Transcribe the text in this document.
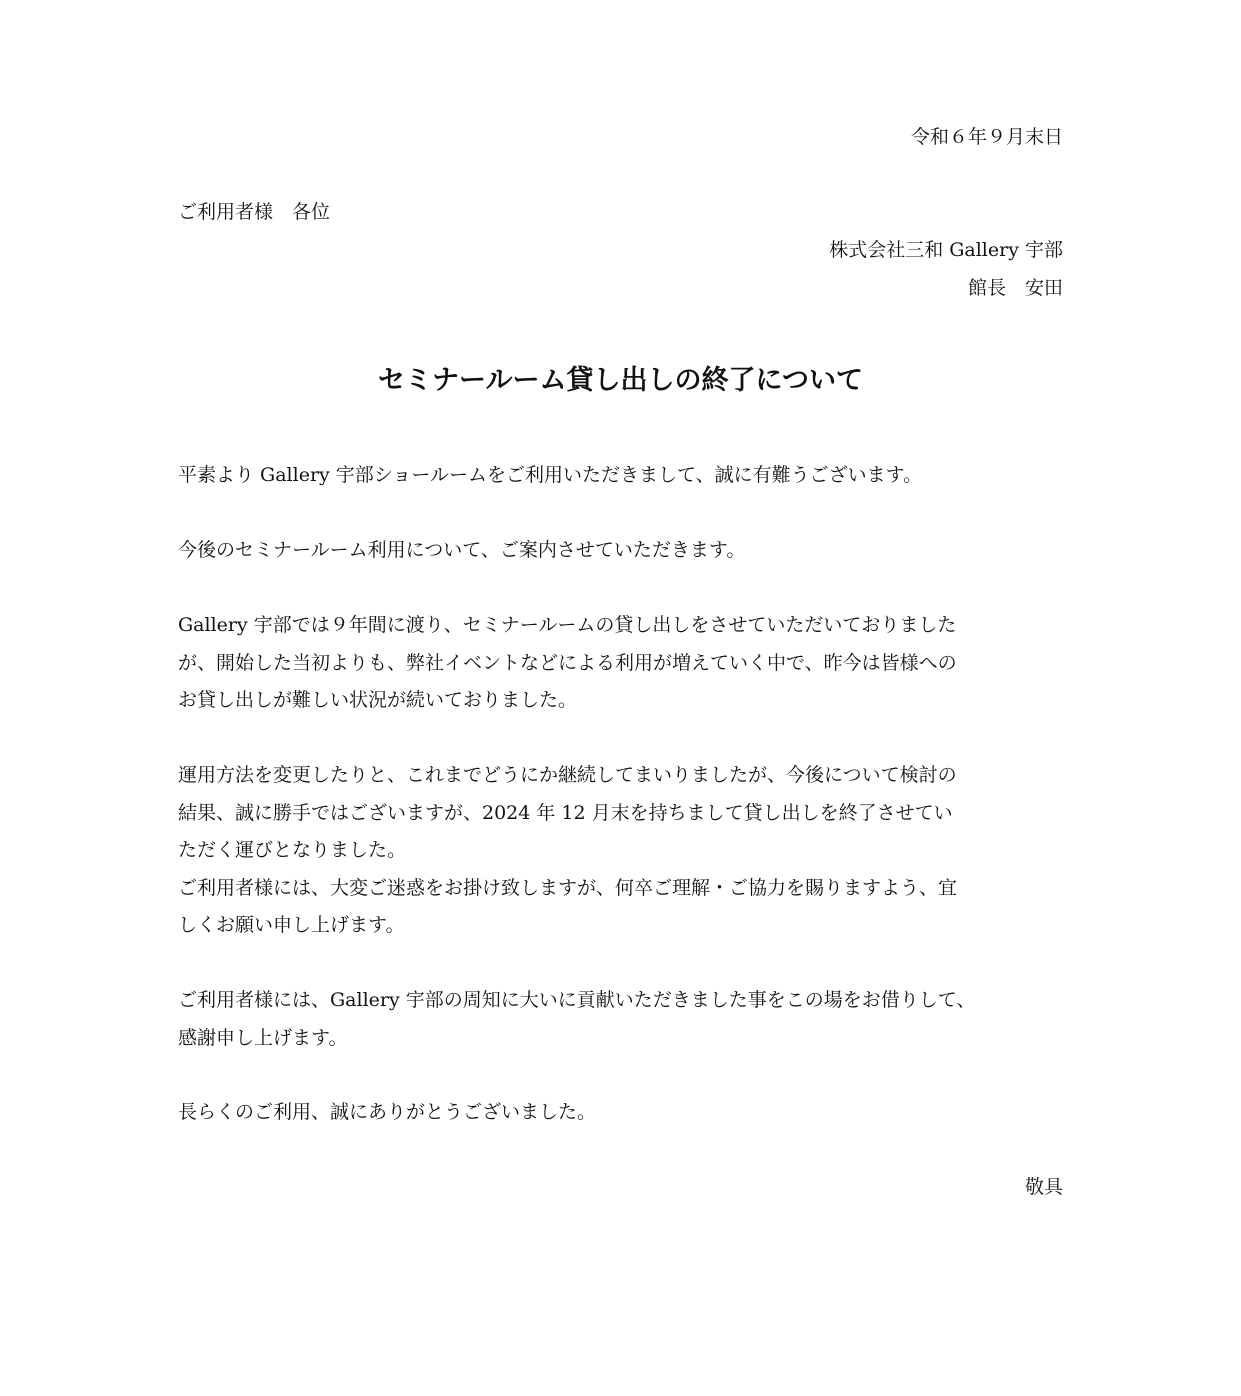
令和６年９月末日
ご利用者様　各位
株式会社三和 Gallery 宇部
館長　安田
セミナールーム貸し出しの終了について
平素より Gallery 宇部ショールームをご利用いただきまして、誠に有難うございます。
今後のセミナールーム利用について、ご案内させていただきます。
Gallery 宇部では９年間に渡り、セミナールームの貸し出しをさせていただいておりました
が、開始した当初よりも、弊社イベントなどによる利用が増えていく中で、昨今は皆様への
お貸し出しが難しい状況が続いておりました。
運用方法を変更したりと、これまでどうにか継続してまいりましたが、今後について検討の
結果、誠に勝手ではございますが、2024 年 12 月末を持ちまして貸し出しを終了させてい
ただく運びとなりました。
ご利用者様には、大変ご迷惑をお掛け致しますが、何卒ご理解・ご協力を賜りますよう、宜
しくお願い申し上げます。
ご利用者様には、Gallery 宇部の周知に大いに貢献いただきました事をこの場をお借りして、
感謝申し上げます。
長らくのご利用、誠にありがとうございました。
敬具
